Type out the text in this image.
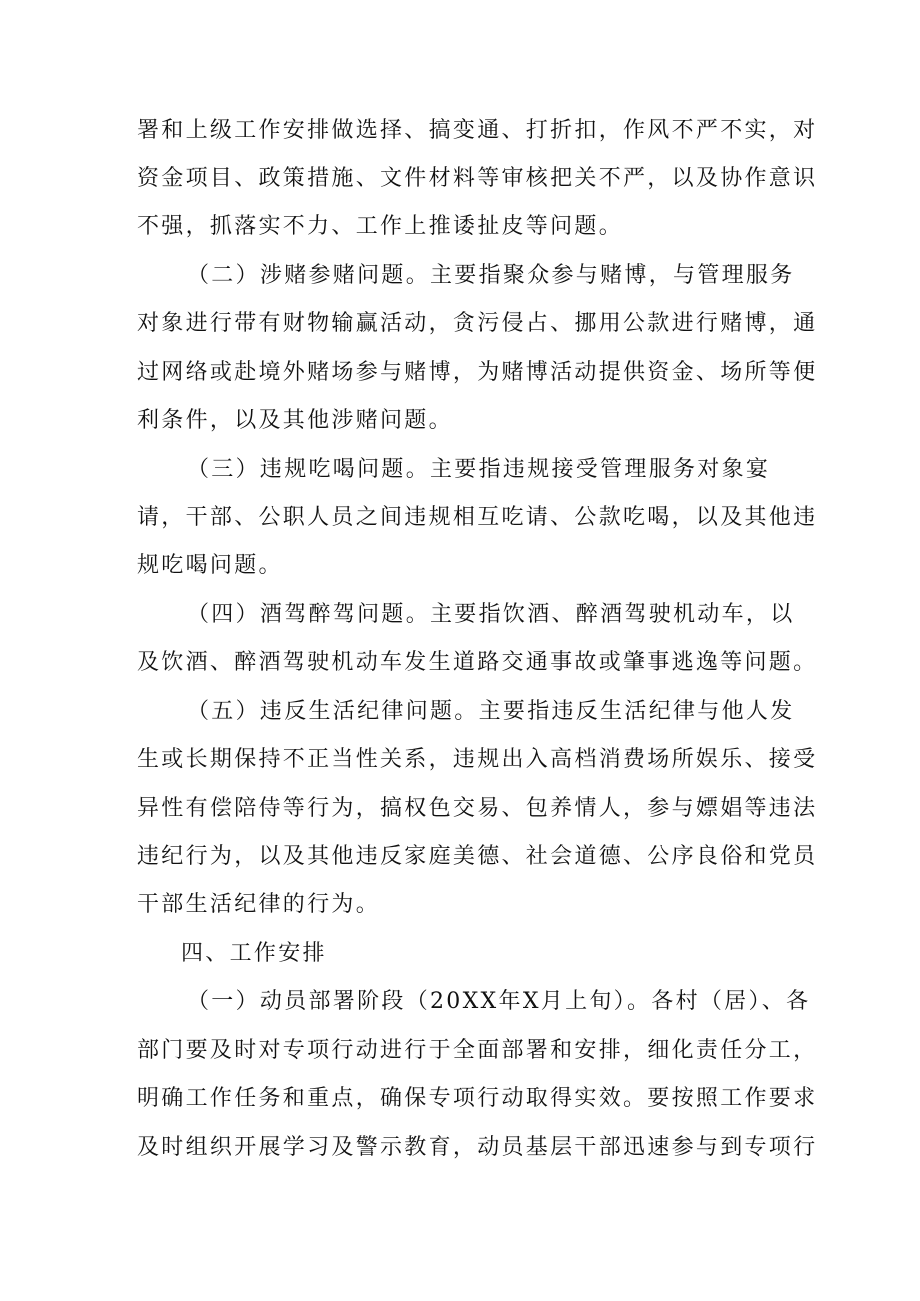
署和上级工作安排做选择、搞变通、打折扣，作风不严不实，对
资金项目、政策措施、文件材料等审核把关不严，以及协作意识
不强，抓落实不力、工作上推诿扯皮等问题。
（二）涉赌参赌问题。主要指聚众参与赌博，与管理服务
对象进行带有财物输赢活动，贪污侵占、挪用公款进行赌博，通
过网络或赴境外赌场参与赌博，为赌博活动提供资金、场所等便
利条件，以及其他涉赌问题。
（三）违规吃喝问题。主要指违规接受管理服务对象宴
请，干部、公职人员之间违规相互吃请、公款吃喝，以及其他违
规吃喝问题。
（四）酒驾醉驾问题。主要指饮酒、醉酒驾驶机动车，以
及饮酒、醉酒驾驶机动车发生道路交通事故或肇事逃逸等问题。
（五）违反生活纪律问题。主要指违反生活纪律与他人发
生或长期保持不正当性关系，违规出入高档消费场所娱乐、接受
异性有偿陪侍等行为，搞权色交易、包养情人，参与嫖娼等违法
违纪行为，以及其他违反家庭美德、社会道德、公序良俗和党员
干部生活纪律的行为。
四、工作安排
（一）动员部署阶段（20XX年X月上旬）。各村（居）、各
部门要及时对专项行动进行于全面部署和安排，细化责任分工，
明确工作任务和重点，确保专项行动取得实效。要按照工作要求
及时组织开展学习及警示教育，动员基层干部迅速参与到专项行
